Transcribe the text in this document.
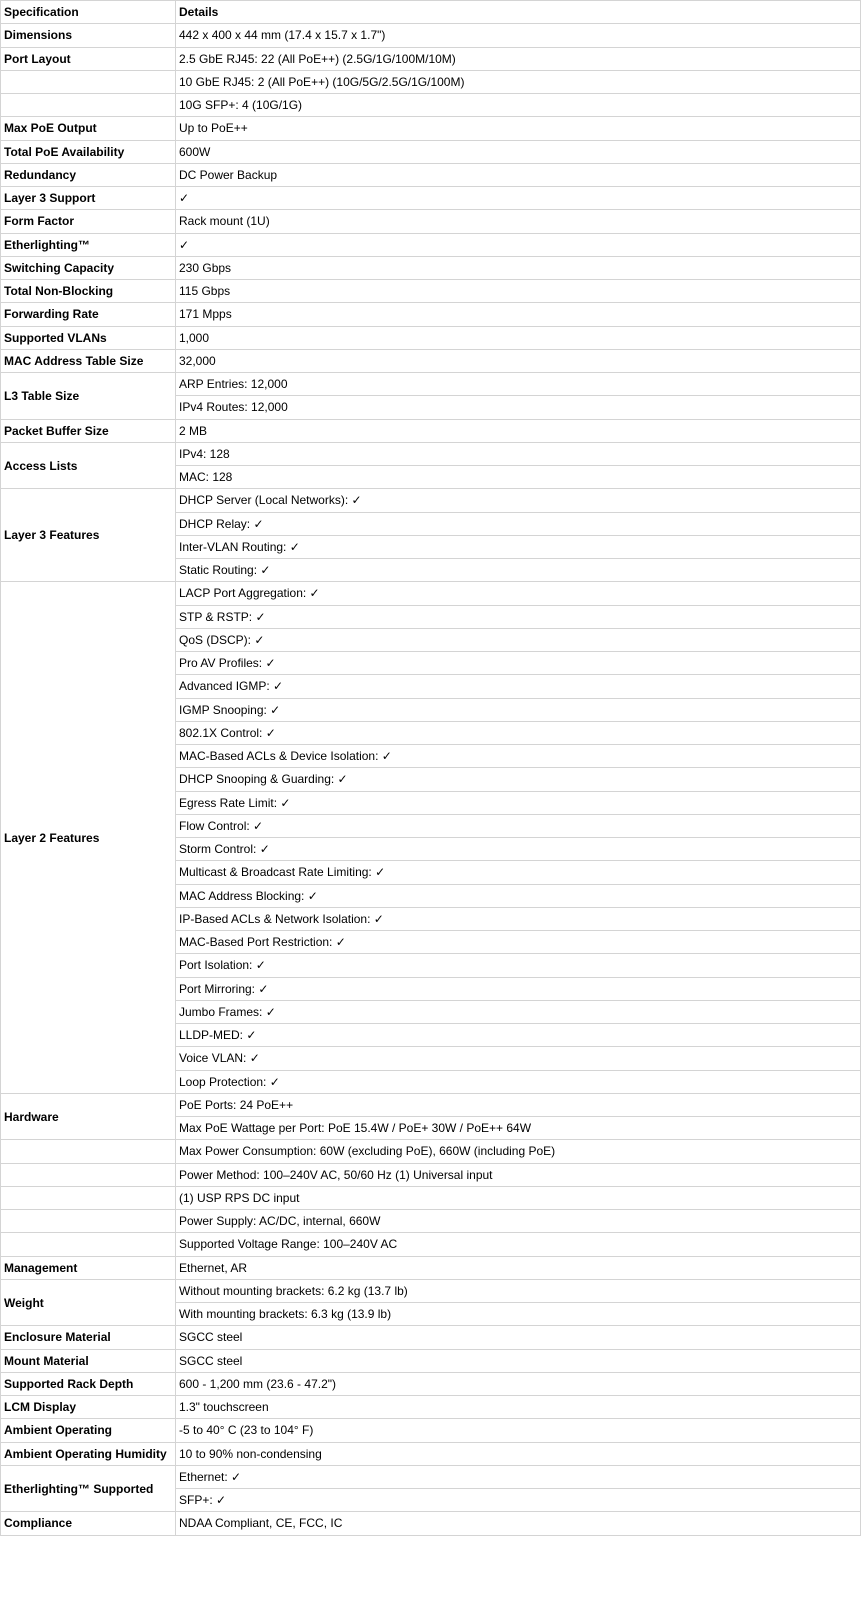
Specification	Details
Dimensions	442 x 400 x 44 mm (17.4 x 15.7 x 1.7")
Port Layout	2.5 GbE RJ45: 22 (All PoE++) (2.5G/1G/100M/10M)
	10 GbE RJ45: 2 (All PoE++) (10G/5G/2.5G/1G/100M)
	10G SFP+: 4 (10G/1G)
Max PoE Output	Up to PoE++
Total PoE Availability	600W
Redundancy	DC Power Backup
Layer 3 Support	✓
Form Factor	Rack mount (1U)
Etherlighting™	✓
Switching Capacity	230 Gbps
Total Non-Blocking	115 Gbps
Forwarding Rate	171 Mpps
Supported VLANs	1,000
MAC Address Table Size	32,000
L3 Table Size	ARP Entries: 12,000
	IPv4 Routes: 12,000
Packet Buffer Size	2 MB
Access Lists	IPv4: 128
	MAC: 128
Layer 3 Features	DHCP Server (Local Networks): ✓
	DHCP Relay: ✓
	Inter-VLAN Routing: ✓
	Static Routing: ✓
Layer 2 Features	LACP Port Aggregation: ✓
	STP & RSTP: ✓
	QoS (DSCP): ✓
	Pro AV Profiles: ✓
	Advanced IGMP: ✓
	IGMP Snooping: ✓
	802.1X Control: ✓
	MAC-Based ACLs & Device Isolation: ✓
	DHCP Snooping & Guarding: ✓
	Egress Rate Limit: ✓
	Flow Control: ✓
	Storm Control: ✓
	Multicast & Broadcast Rate Limiting: ✓
	MAC Address Blocking: ✓
	IP-Based ACLs & Network Isolation: ✓
	MAC-Based Port Restriction: ✓
	Port Isolation: ✓
	Port Mirroring: ✓
	Jumbo Frames: ✓
	LLDP-MED: ✓
	Voice VLAN: ✓
	Loop Protection: ✓
Hardware	PoE Ports: 24 PoE++
	Max PoE Wattage per Port: PoE 15.4W / PoE+ 30W / PoE++ 64W
	Max Power Consumption: 60W (excluding PoE), 660W (including PoE)
	Power Method: 100–240V AC, 50/60 Hz (1) Universal input
	(1) USP RPS DC input
	Power Supply: AC/DC, internal, 660W
	Supported Voltage Range: 100–240V AC
Management	Ethernet, AR
Weight	Without mounting brackets: 6.2 kg (13.7 lb)
	With mounting brackets: 6.3 kg (13.9 lb)
Enclosure Material	SGCC steel
Mount Material	SGCC steel
Supported Rack Depth	600 - 1,200 mm (23.6 - 47.2")
LCM Display	1.3" touchscreen
Ambient Operating	-5 to 40° C (23 to 104° F)
Ambient Operating Humidity	10 to 90% non-condensing
Etherlighting™ Supported	Ethernet: ✓
	SFP+: ✓
Compliance	NDAA Compliant, CE, FCC, IC
